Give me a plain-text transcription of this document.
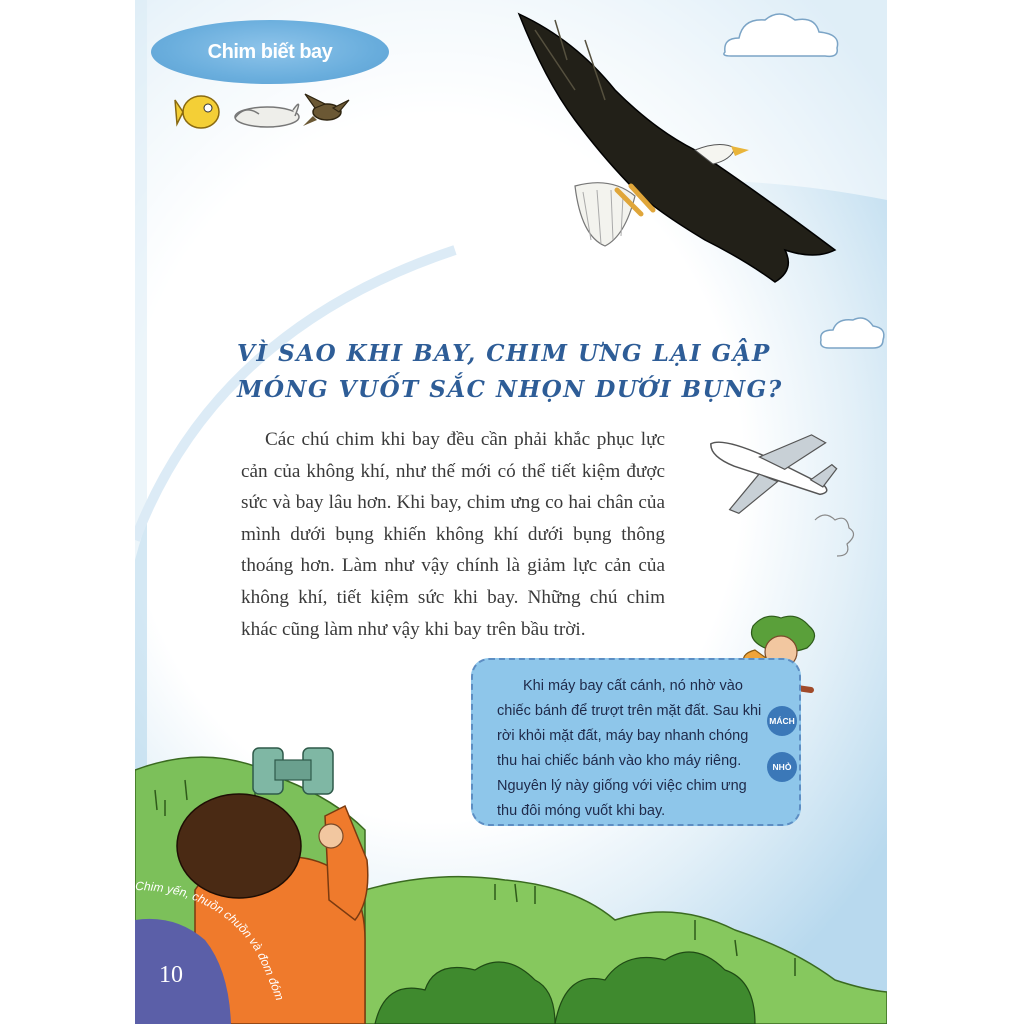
Chim biết bay
VÌ SAO KHI BAY, CHIM ƯNG LẠI GẬP
MÓNG VUỐT SẮC NHỌN DƯỚI BỤNG?

Các chú chim khi bay đều cần phải khắc phục lực cản của không khí, như thế mới có thể tiết kiệm được sức và bay lâu hơn. Khi bay, chim ưng co hai chân của mình dưới bụng khiến không khí dưới bụng thông thoáng hơn. Làm như vậy chính là giảm lực cản của không khí, tiết kiệm sức khi bay. Những chú chim khác cũng làm như vậy khi bay trên bầu trời.

Khi máy bay cất cánh, nó nhờ vào chiếc bánh để trượt trên mặt đất. Sau khi rời khỏi mặt đất, máy bay nhanh chóng thu hai chiếc bánh vào kho máy riêng. Nguyên lý này giống với việc chim ưng thu đôi móng vuốt khi bay.

MÁCH
NHỎ
10
Chim yến, chuồn chuồn và đom đóm
